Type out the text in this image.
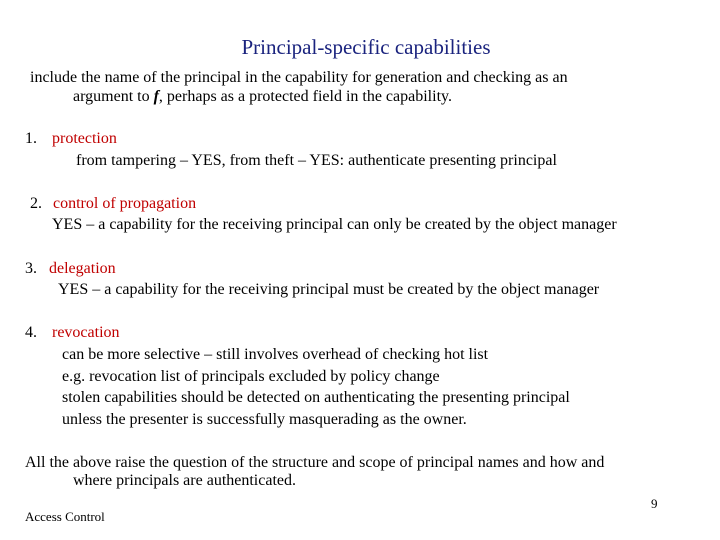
Principal-specific capabilities
include the name of the principal in the capability for generation and checking as an
argument to f, perhaps as a protected field in the capability.
1. protection
from tampering – YES, from theft – YES: authenticate presenting principal
2. control of propagation
YES – a capability for the receiving principal can only be created by the object manager
3. delegation
YES – a capability for the receiving principal must be created by the object manager
4. revocation
can be more selective – still involves overhead of checking hot list
e.g. revocation list of principals excluded by policy change
stolen capabilities should be detected on authenticating the presenting principal
unless the presenter is successfully masquerading as the owner.
All the above raise the question of the structure and scope of principal names and how and
where principals are authenticated.
Access Control
9
